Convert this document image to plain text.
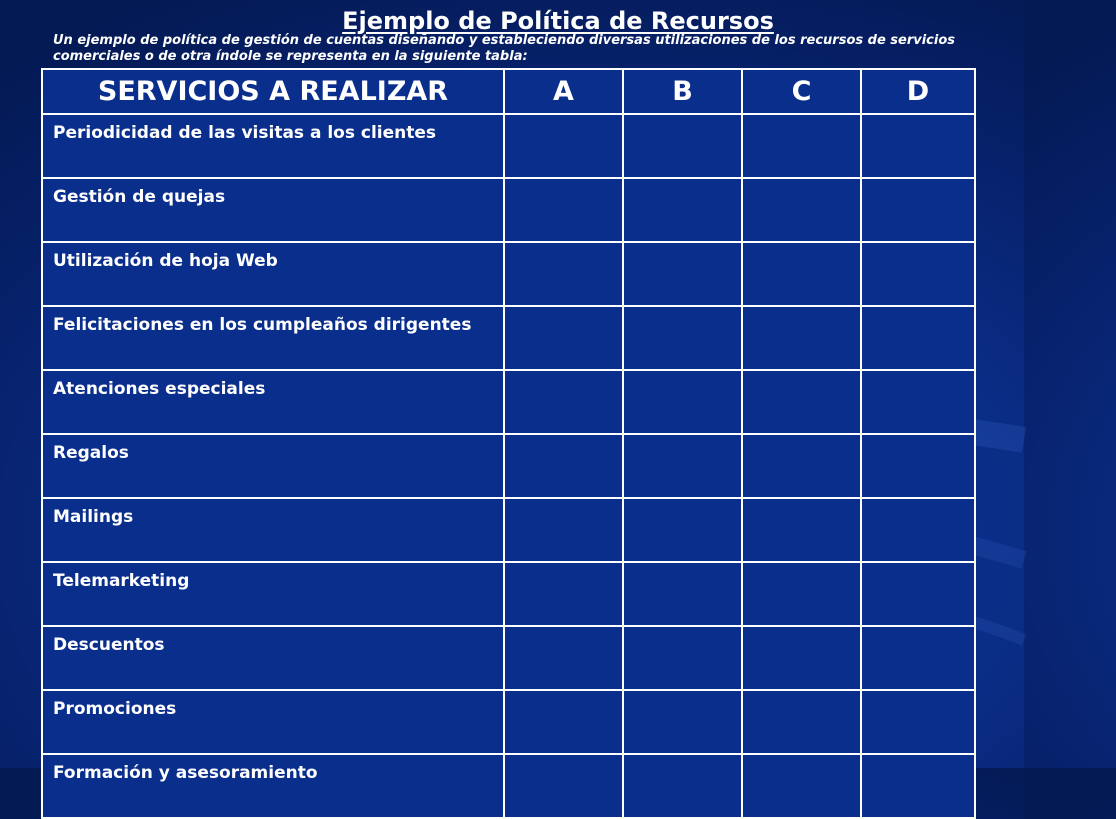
Ejemplo de Política de Recursos
Un ejemplo de política de gestión de cuentas diseñando y estableciendo diversas utilizaciones de los recursos de servicios comerciales o de otra índole se representa en la siguiente tabla:
SERVICIOS A REALIZAR	A	B	C	D
Periodicidad de las visitas a los clientes				
Gestión de quejas				
Utilización de hoja Web				
Felicitaciones en los cumpleaños dirigentes				
Atenciones especiales				
Regalos				
Mailings				
Telemarketing				
Descuentos				
Promociones				
Formación y asesoramiento				
